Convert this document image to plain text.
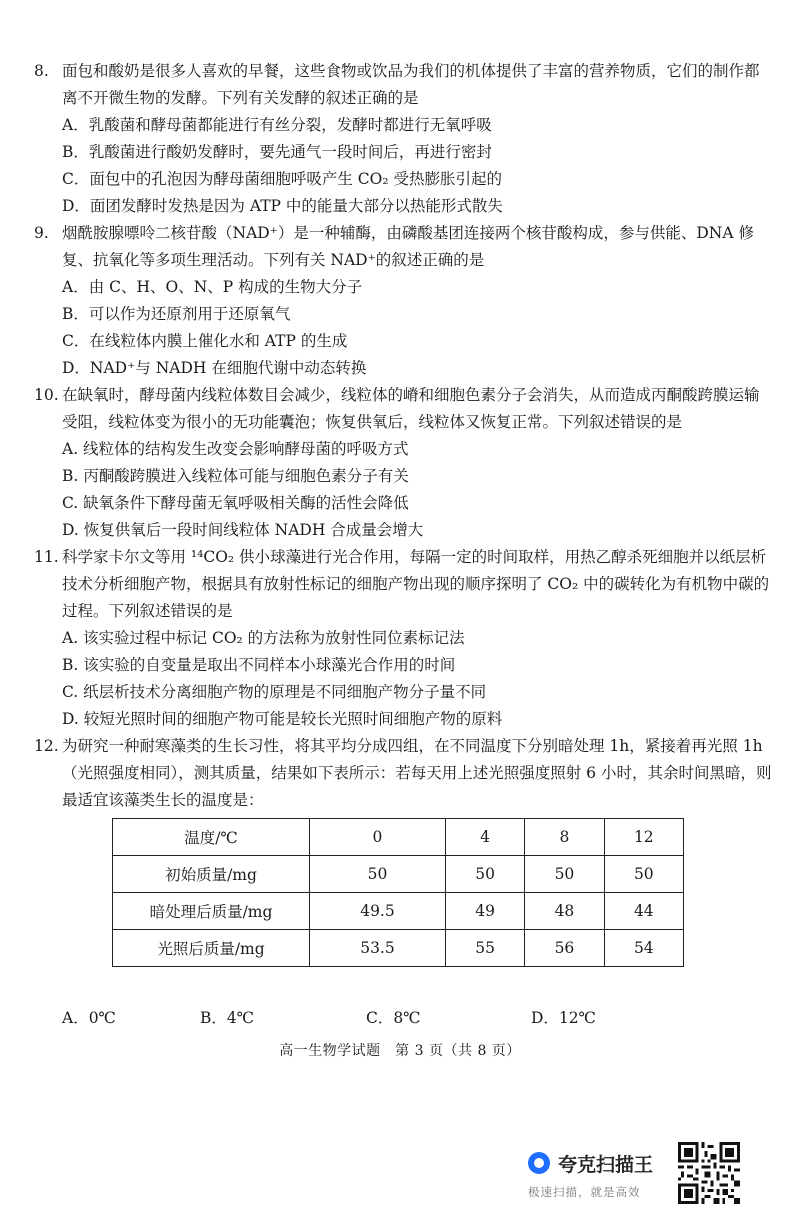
8. 面包和酸奶是很多人喜欢的早餐，这些食物或饮品为我们的机体提供了丰富的营养物质，它们的制作都离不开微生物的发酵。下列有关发酵的叙述正确的是
A．乳酸菌和酵母菌都能进行有丝分裂，发酵时都进行无氧呼吸
B．乳酸菌进行酸奶发酵时，要先通气一段时间后，再进行密封
C．面包中的孔泡因为酵母菌细胞呼吸产生 CO₂ 受热膨胀引起的
D．面团发酵时发热是因为 ATP 中的能量大部分以热能形式散失
9. 烟酰胺腺嘌呤二核苷酸（NAD⁺）是一种辅酶，由磷酸基团连接两个核苷酸构成，参与供能、DNA 修复、抗氧化等多项生理活动。下列有关 NAD⁺的叙述正确的是
A．由 C、H、O、N、P 构成的生物大分子
B．可以作为还原剂用于还原氧气
C．在线粒体内膜上催化水和 ATP 的生成
D．NAD⁺与 NADH 在细胞代谢中动态转换
10. 在缺氧时，酵母菌内线粒体数目会减少，线粒体的嵴和细胞色素分子会消失，从而造成丙酮酸跨膜运输受阻，线粒体变为很小的无功能囊泡；恢复供氧后，线粒体又恢复正常。下列叙述错误的是
A. 线粒体的结构发生改变会影响酵母菌的呼吸方式
B. 丙酮酸跨膜进入线粒体可能与细胞色素分子有关
C. 缺氧条件下酵母菌无氧呼吸相关酶的活性会降低
D. 恢复供氧后一段时间线粒体 NADH 合成量会增大
11. 科学家卡尔文等用 ¹⁴CO₂ 供小球藻进行光合作用，每隔一定的时间取样，用热乙醇杀死细胞并以纸层析技术分析细胞产物，根据具有放射性标记的细胞产物出现的顺序探明了 CO₂ 中的碳转化为有机物中碳的过程。下列叙述错误的是
A. 该实验过程中标记 CO₂ 的方法称为放射性同位素标记法
B. 该实验的自变量是取出不同样本小球藻光合作用的时间
C. 纸层析技术分离细胞产物的原理是不同细胞产物分子量不同
D. 较短光照时间的细胞产物可能是较长光照时间细胞产物的原料
12. 为研究一种耐寒藻类的生长习性，将其平均分成四组，在不同温度下分别暗处理 1h，紧接着再光照 1h（光照强度相同），测其质量，结果如下表所示：若每天用上述光照强度照射 6 小时，其余时间黑暗，则最适宜该藻类生长的温度是：
温度/℃	0	4	8	12
初始质量/mg	50	50	50	50
暗处理后质量/mg	49.5	49	48	44
光照后质量/mg	53.5	55	56	54
A．0℃	B．4℃	C．8℃	D．12℃
高一生物学试题　第 3 页（共 8 页）
夸克扫描王
极速扫描，就是高效
